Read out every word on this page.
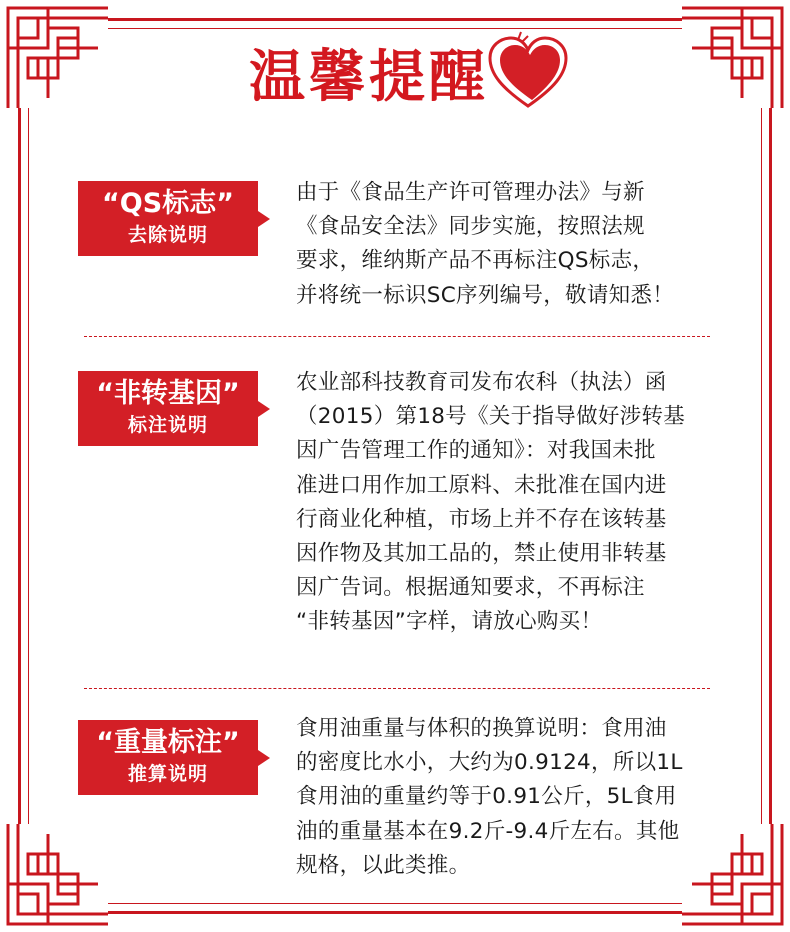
温馨提醒
“QS标志”
去除说明
由于《食品生产许可管理办法》与新
《食品安全法》同步实施，按照法规
要求，维纳斯产品不再标注QS标志，
并将统一标识SC序列编号，敬请知悉！
“非转基因”
标注说明
农业部科技教育司发布农科（执法）函
（2015）第18号《关于指导做好涉转基
因广告管理工作的通知》：对我国未批
准进口用作加工原料、未批准在国内进
行商业化种植，市场上并不存在该转基
因作物及其加工品的，禁止使用非转基
因广告词。根据通知要求，不再标注
“非转基因”字样，请放心购买！
“重量标注”
推算说明
食用油重量与体积的换算说明：食用油
的密度比水小，大约为0.9124，所以1L
食用油的重量约等于0.91公斤，5L食用
油的重量基本在9.2斤-9.4斤左右。其他
规格，以此类推。
